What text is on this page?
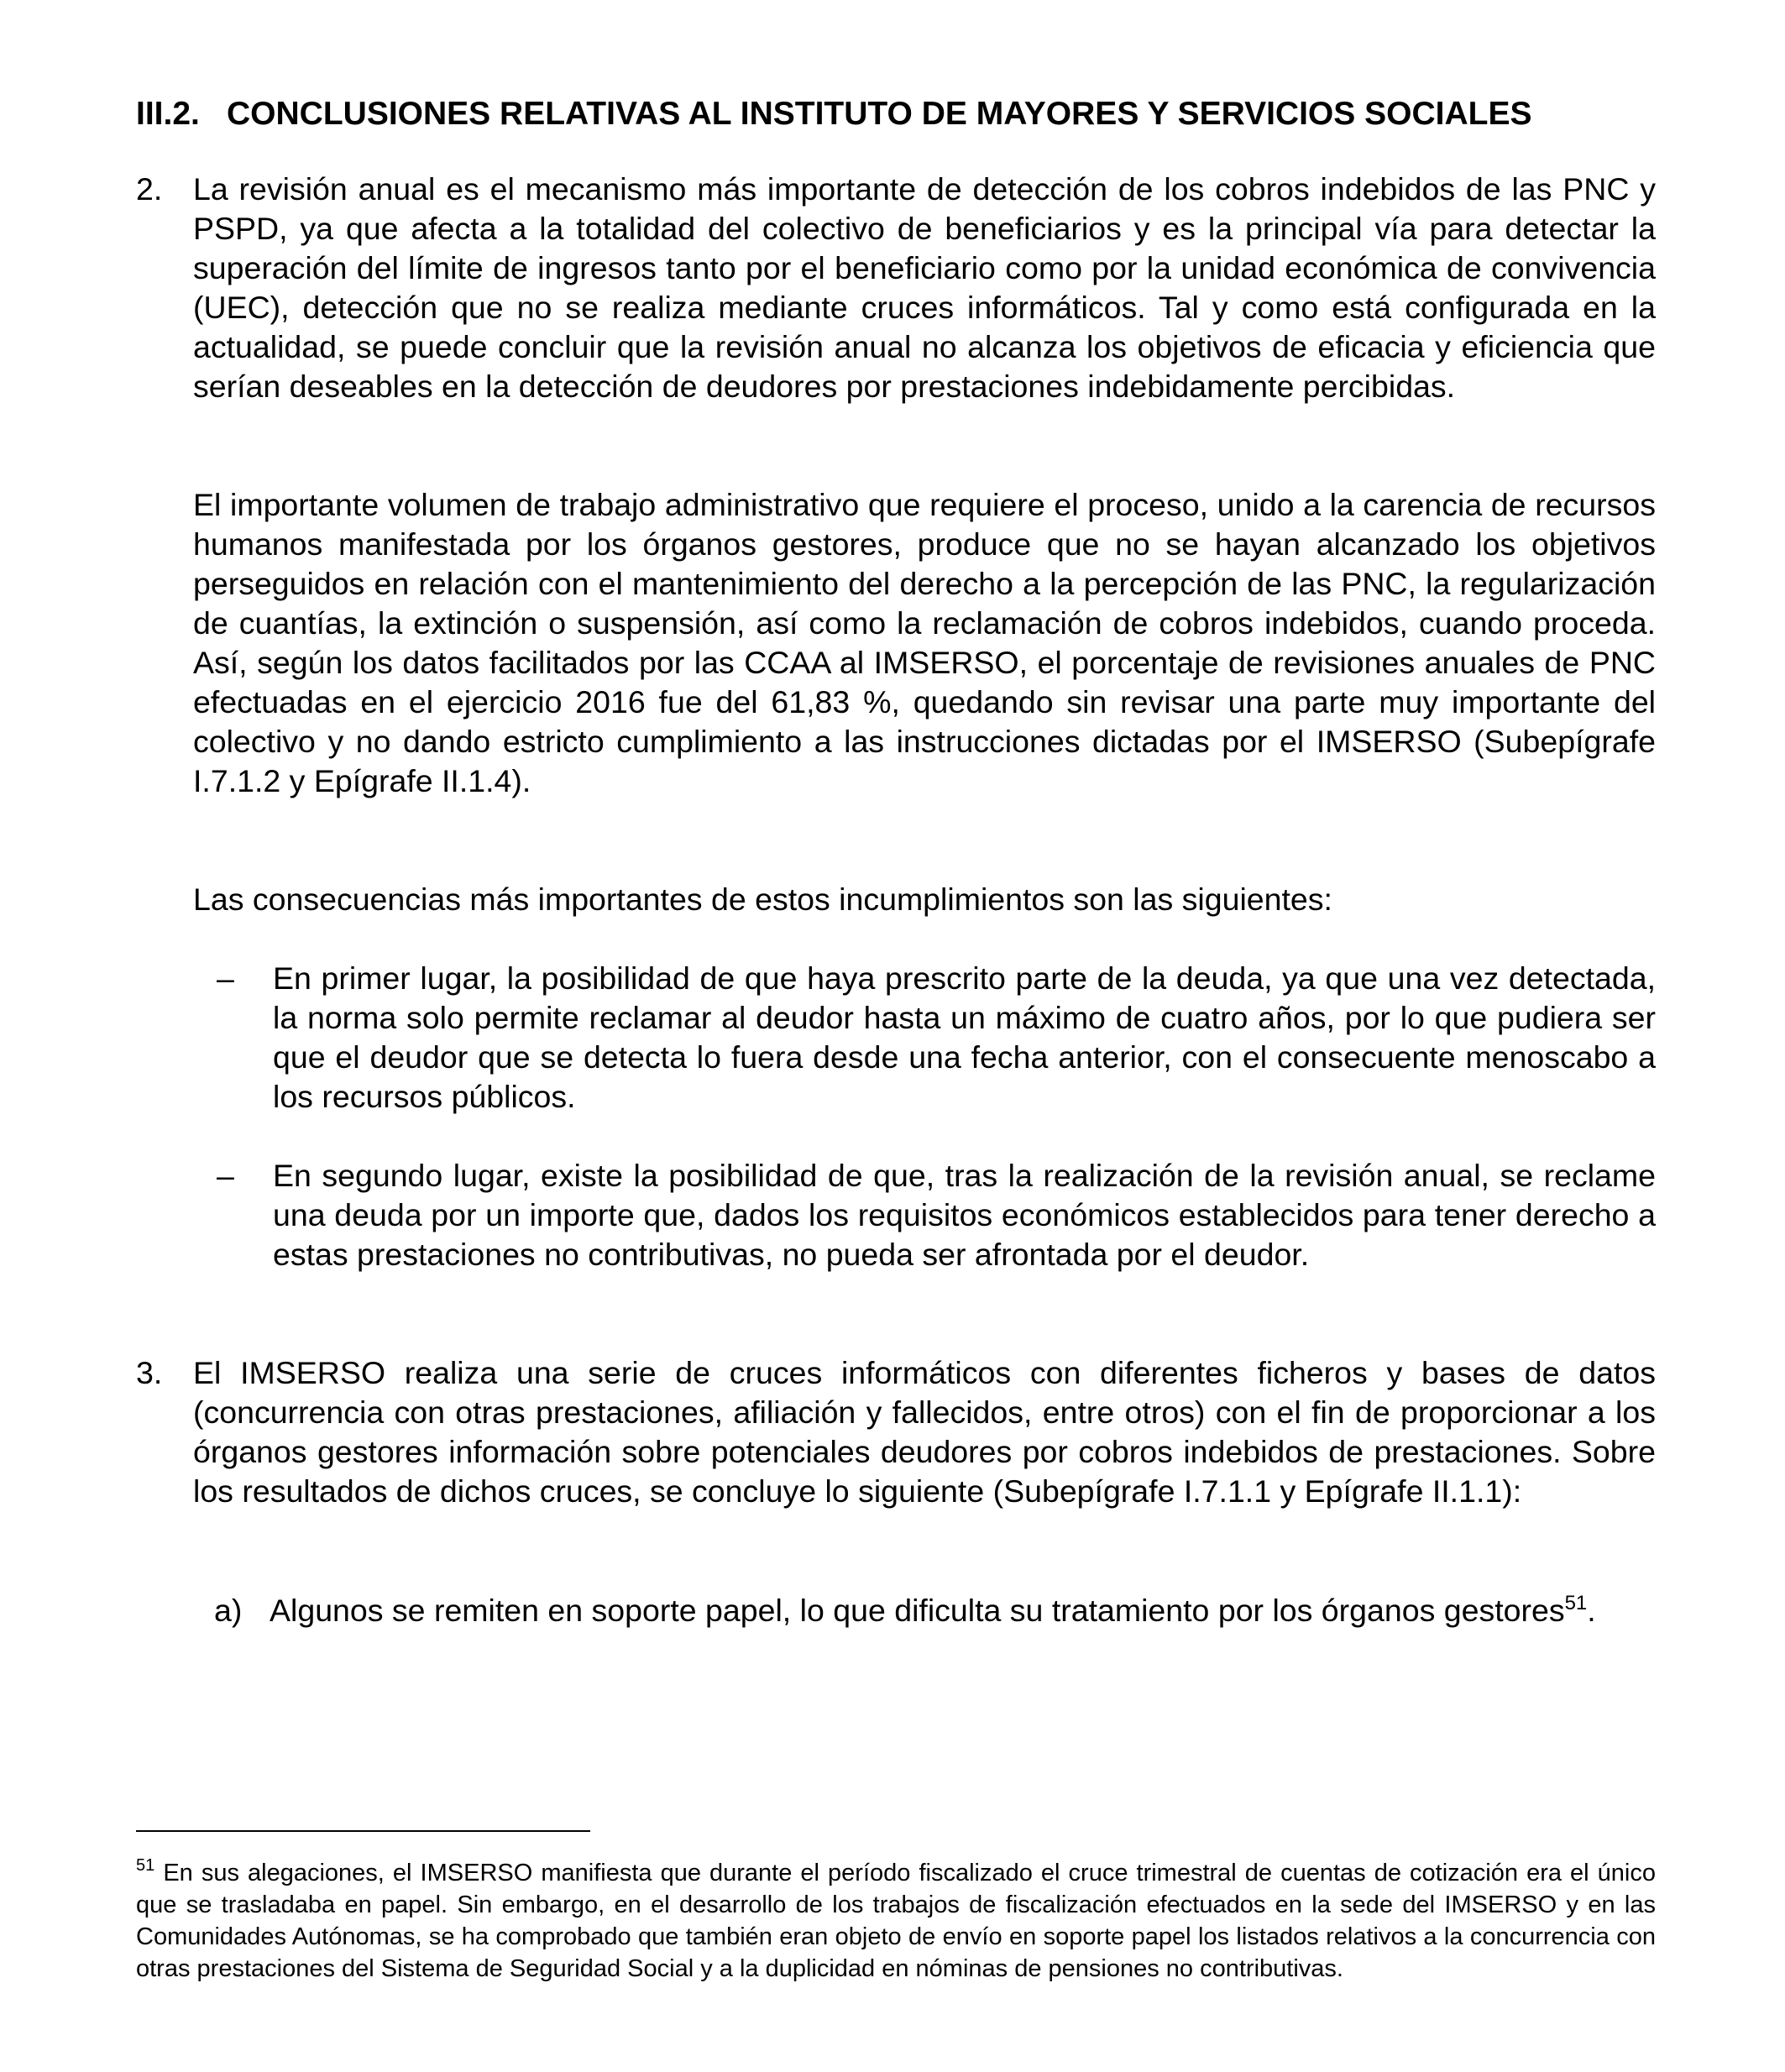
III.2. CONCLUSIONES RELATIVAS AL INSTITUTO DE MAYORES Y SERVICIOS SOCIALES
2. La revisión anual es el mecanismo más importante de detección de los cobros indebidos de las PNC y PSPD, ya que afecta a la totalidad del colectivo de beneficiarios y es la principal vía para detectar la superación del límite de ingresos tanto por el beneficiario como por la unidad económica de convivencia (UEC), detección que no se realiza mediante cruces informáticos. Tal y como está configurada en la actualidad, se puede concluir que la revisión anual no alcanza los objetivos de eficacia y eficiencia que serían deseables en la detección de deudores por prestaciones indebidamente percibidas.
El importante volumen de trabajo administrativo que requiere el proceso, unido a la carencia de recursos humanos manifestada por los órganos gestores, produce que no se hayan alcanzado los objetivos perseguidos en relación con el mantenimiento del derecho a la percepción de las PNC, la regularización de cuantías, la extinción o suspensión, así como la reclamación de cobros indebidos, cuando proceda. Así, según los datos facilitados por las CCAA al IMSERSO, el porcentaje de revisiones anuales de PNC efectuadas en el ejercicio 2016 fue del 61,83 %, quedando sin revisar una parte muy importante del colectivo y no dando estricto cumplimiento a las instrucciones dictadas por el IMSERSO (Subepígrafe I.7.1.2 y Epígrafe II.1.4).
Las consecuencias más importantes de estos incumplimientos son las siguientes:
– En primer lugar, la posibilidad de que haya prescrito parte de la deuda, ya que una vez detectada, la norma solo permite reclamar al deudor hasta un máximo de cuatro años, por lo que pudiera ser que el deudor que se detecta lo fuera desde una fecha anterior, con el consecuente menoscabo a los recursos públicos.
– En segundo lugar, existe la posibilidad de que, tras la realización de la revisión anual, se reclame una deuda por un importe que, dados los requisitos económicos establecidos para tener derecho a estas prestaciones no contributivas, no pueda ser afrontada por el deudor.
3. El IMSERSO realiza una serie de cruces informáticos con diferentes ficheros y bases de datos (concurrencia con otras prestaciones, afiliación y fallecidos, entre otros) con el fin de proporcionar a los órganos gestores información sobre potenciales deudores por cobros indebidos de prestaciones. Sobre los resultados de dichos cruces, se concluye lo siguiente (Subepígrafe I.7.1.1 y Epígrafe II.1.1):
a) Algunos se remiten en soporte papel, lo que dificulta su tratamiento por los órganos gestores$^{51}$.
$^{51}$ En sus alegaciones, el IMSERSO manifiesta que durante el período fiscalizado el cruce trimestral de cuentas de cotización era el único que se trasladaba en papel. Sin embargo, en el desarrollo de los trabajos de fiscalización efectuados en la sede del IMSERSO y en las Comunidades Autónomas, se ha comprobado que también eran objeto de envío en soporte papel los listados relativos a la concurrencia con otras prestaciones del Sistema de Seguridad Social y a la duplicidad en nóminas de pensiones no contributivas.
